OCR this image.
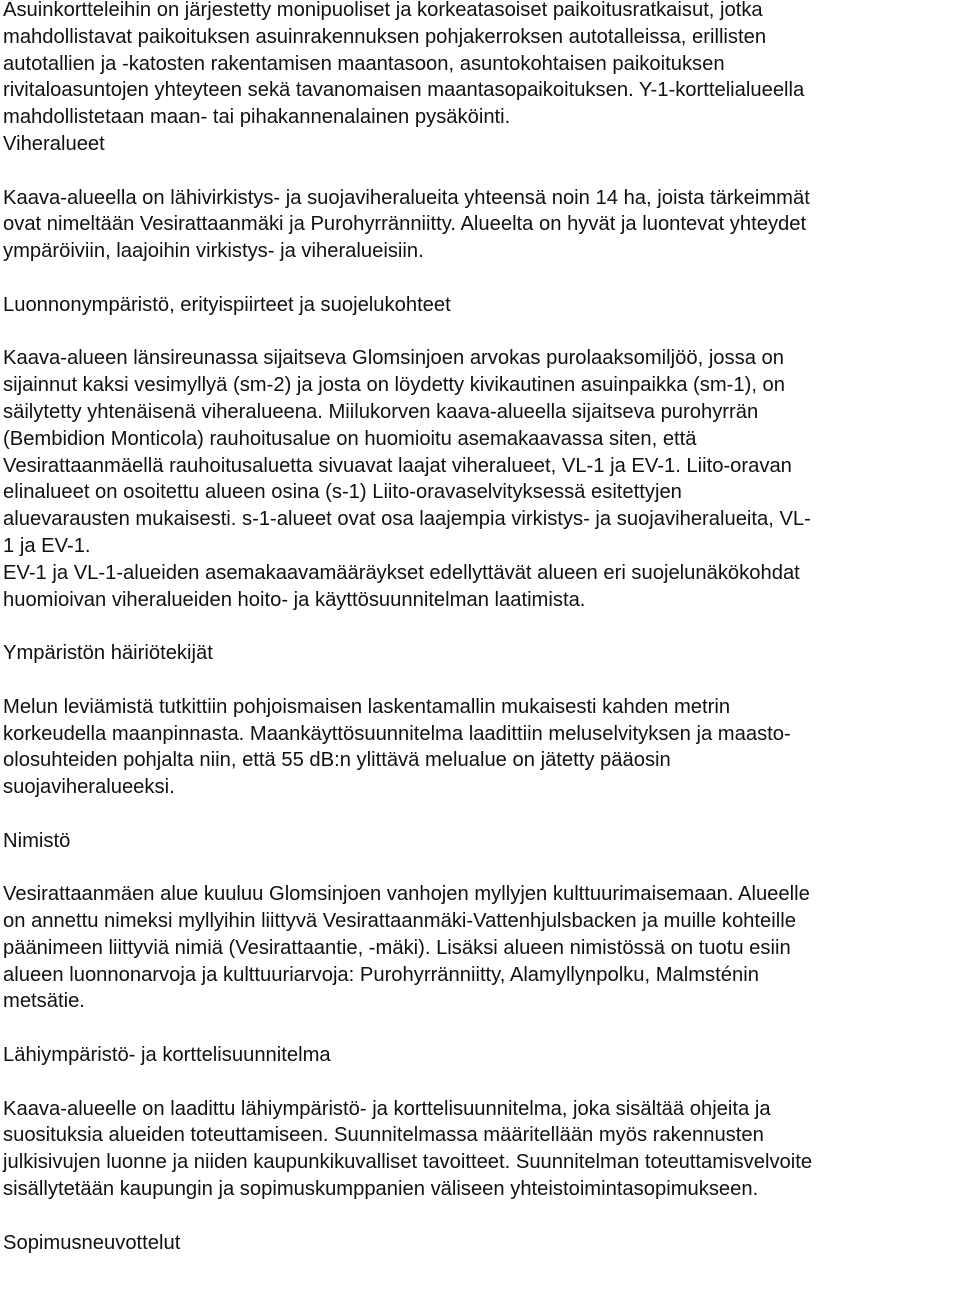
Asuinkortteleihin on järjestetty monipuoliset ja korkeatasoiset paikoitusratkaisut, jotka
mahdollistavat paikoituksen asuinrakennuksen pohjakerroksen autotalleissa, erillisten
autotallien ja -katosten rakentamisen maantasoon, asuntokohtaisen paikoituksen
rivitaloasuntojen yhteyteen sekä tavanomaisen maantasopaikoituksen. Y-1-korttelialueella
mahdollistetaan maan- tai pihakannenalainen pysäköinti.
Viheralueet
Kaava-alueella on lähivirkistys- ja suojaviheralueita yhteensä noin 14 ha, joista tärkeimmät
ovat nimeltään Vesirattaanmäki ja Purohyrränniitty. Alueelta on hyvät ja luontevat yhteydet
ympäröiviin, laajoihin virkistys- ja viheralueisiin.
Luonnonympäristö, erityispiirteet ja suojelukohteet
Kaava-alueen länsireunassa sijaitseva Glomsinjoen arvokas purolaaksomiljöö, jossa on
sijainnut kaksi vesimyllyä (sm-2) ja josta on löydetty kivikautinen asuinpaikka (sm-1), on
säilytetty yhtenäisenä viheralueena. Miilukorven kaava-alueella sijaitseva purohyrrän
(Bembidion Monticola) rauhoitusalue on huomioitu asemakaavassa siten, että
Vesirattaanmäellä rauhoitusaluetta sivuavat laajat viheralueet, VL-1 ja EV-1. Liito-oravan
elinalueet on osoitettu alueen osina (s-1) Liito-oravaselvityksessä esitettyjen
aluevarausten mukaisesti. s-1-alueet ovat osa laajempia virkistys- ja suojaviheralueita, VL-
1 ja EV-1.
EV-1 ja VL-1-alueiden asemakaavamääräykset edellyttävät alueen eri suojelunäkökohdat
huomioivan viheralueiden hoito- ja käyttösuunnitelman laatimista.
Ympäristön häiriötekijät
Melun leviämistä tutkittiin pohjoismaisen laskentamallin mukaisesti kahden metrin
korkeudella maanpinnasta. Maankäyttösuunnitelma laadittiin meluselvityksen ja maasto-
olosuhteiden pohjalta niin, että 55 dB:n ylittävä melualue on jätetty pääosin
suojaviheralueeksi.
Nimistö
Vesirattaanmäen alue kuuluu Glomsinjoen vanhojen myllyjen kulttuurimaisemaan. Alueelle
on annettu nimeksi myllyihin liittyvä Vesirattaanmäki-Vattenhjulsbacken ja muille kohteille
päänimeen liittyviä nimiä (Vesirattaantie, -mäki). Lisäksi alueen nimistössä on tuotu esiin
alueen luonnonarvoja ja kulttuuriarvoja: Purohyrränniitty, Alamyllynpolku, Malmsténin
metsätie.
Lähiympäristö- ja korttelisuunnitelma
Kaava-alueelle on laadittu lähiympäristö- ja korttelisuunnitelma, joka sisältää ohjeita ja
suosituksia alueiden toteuttamiseen. Suunnitelmassa määritellään myös rakennusten
julkisivujen luonne ja niiden kaupunkikuvalliset tavoitteet. Suunnitelman toteuttamisvelvoite
sisällytetään kaupungin ja sopimuskumppanien väliseen yhteistoimintasopimukseen.
Sopimusneuvottelut
